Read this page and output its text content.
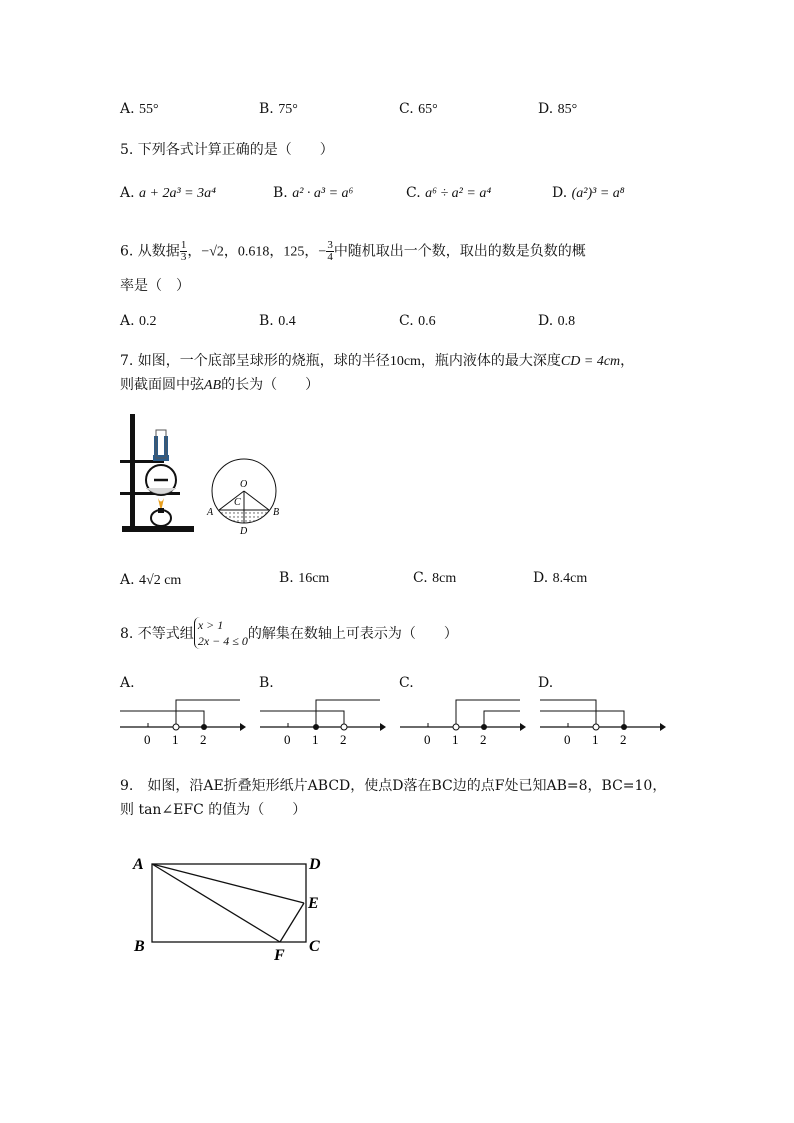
A. 55°	B. 75°	C. 65°	D. 85°
5. 下列各式计算正确的是（　　）
A. a + 2a³ = 3a⁴	B. a² · a³ = a⁶	C. a⁶ ÷ a² = a⁴	D. (a²)³ = a⁸
6. 从数据 $\frac{1}{3}$ ，−√2，0.618，125，− $\frac{3}{4}$ 中随机取出一个数，取出的数是负数的概
率是（　）
A. 0.2	B. 0.4	C. 0.6	D. 0.8
7. 如图，一个底部呈球形的烧瓶，球的半径10cm，瓶内液体的最大深度CD = 4cm，
则截面圆中弦AB的长为（　　）
O
A	B
C
D
A. 4√2 cm	B. 16cm	C. 8cm	D. 8.4cm
8. 不等式组
x > 1
2x − 4 ≤ 0 的解集在数轴上可表示为（　　）
A.	B.	C.	D.
0 1 2	0 1 2	0 1 2	0 1 2
9.　如图，沿AE折叠矩形纸片ABCD，使点D落在BC边的点F处已知AB=8，BC=10，
则 tan∠EFC 的值为（　　）
A	D
E
B	C
F
